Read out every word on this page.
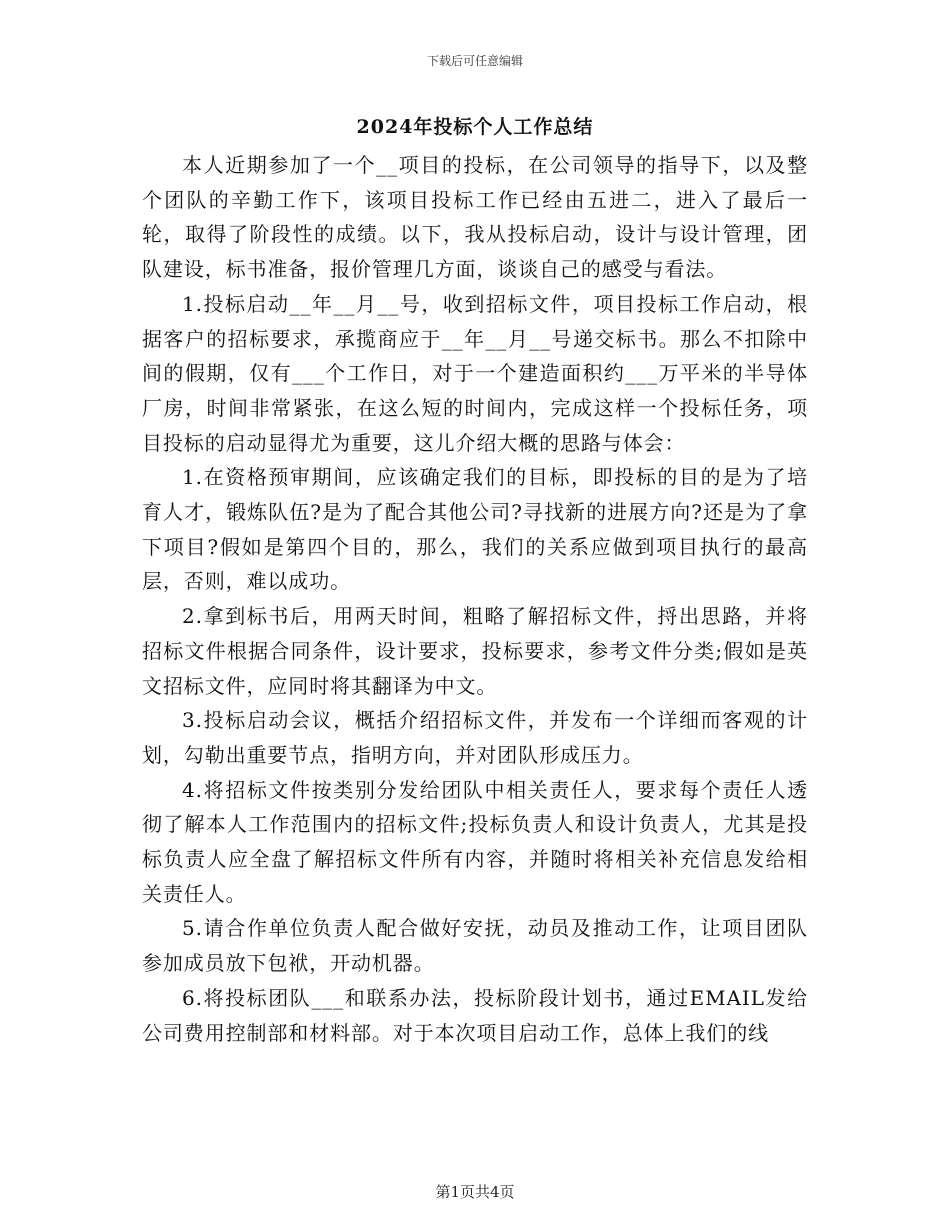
下载后可任意编辑
2024年投标个人工作总结

本人近期参加了一个__项目的投标，在公司领导的指导下，以及整个团队的辛勤工作下，该项目投标工作已经由五进二，进入了最后一轮，取得了阶段性的成绩。以下，我从投标启动，设计与设计管理，团队建设，标书准备，报价管理几方面，谈谈自己的感受与看法。

1.投标启动__年__月__号，收到招标文件，项目投标工作启动，根据客户的招标要求，承揽商应于__年__月__号递交标书。那么不扣除中间的假期，仅有___个工作日，对于一个建造面积约___万平米的半导体厂房，时间非常紧张，在这么短的时间内，完成这样一个投标任务，项目投标的启动显得尤为重要，这儿介绍大概的思路与体会：

1.在资格预审期间，应该确定我们的目标，即投标的目的是为了培育人才，锻炼队伍?是为了配合其他公司?寻找新的进展方向?还是为了拿下项目?假如是第四个目的，那么，我们的关系应做到项目执行的最高层，否则，难以成功。

2.拿到标书后，用两天时间，粗略了解招标文件，捋出思路，并将招标文件根据合同条件，设计要求，投标要求，参考文件分类;假如是英文招标文件，应同时将其翻译为中文。

3.投标启动会议，概括介绍招标文件，并发布一个详细而客观的计划，勾勒出重要节点，指明方向，并对团队形成压力。

4.将招标文件按类别分发给团队中相关责任人，要求每个责任人透彻了解本人工作范围内的招标文件;投标负责人和设计负责人，尤其是投标负责人应全盘了解招标文件所有内容，并随时将相关补充信息发给相关责任人。

5.请合作单位负责人配合做好安抚，动员及推动工作，让项目团队参加成员放下包袱，开动机器。

6.将投标团队___和联系办法，投标阶段计划书，通过EMAIL发给公司费用控制部和材料部。对于本次项目启动工作，总体上我们的线

第1页共4页
